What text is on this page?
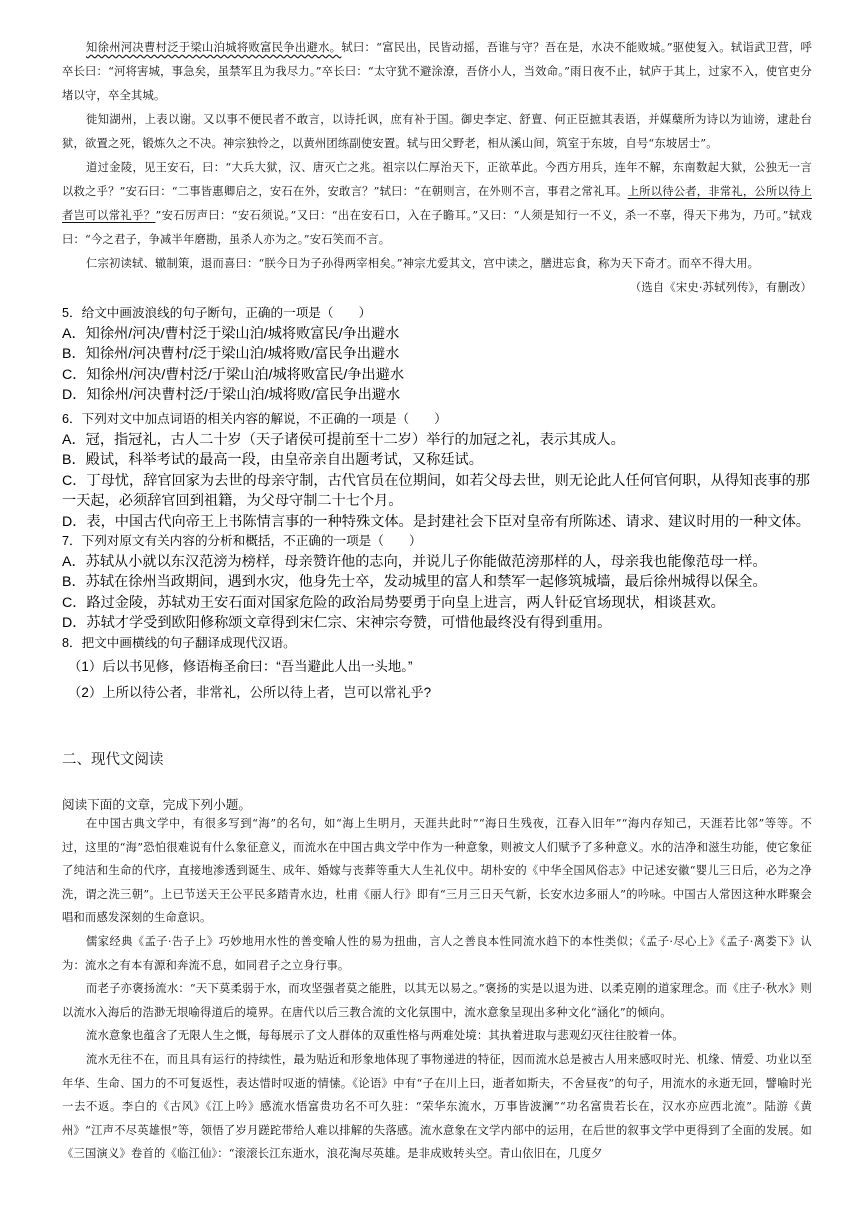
知徐州河决曹村泛于梁山泊城将败富民争出避水。轼曰：“富民出，民皆动摇，吾谁与守？吾在是，水决不能败城。”驱使复入。轼诣武卫营，呼卒长曰：“河将害城，事急矣，虽禁军且为我尽力。”卒长曰：“太守犹不避涂潦，吾侪小人，当效命。”雨日夜不止，轼庐于其上，过家不入，使官吏分堵以守，卒全其城。

徙知湖州，上表以谢。又以事不便民者不敢言，以诗托讽，庶有补于国。御史李定、舒亶、何正臣摭其表语，并媒蘖所为诗以为讪谤，逮赴台狱，欲置之死，锻炼久之不决。神宗独怜之，以黄州团练副使安置。轼与田父野老，相从溪山间，筑室于东坡，自号“东坡居士”。

道过金陵，见王安石，曰：“大兵大狱，汉、唐灭亡之兆。祖宗以仁厚治天下，正欲革此。今西方用兵，连年不解，东南数起大狱，公独无一言以救之乎？”安石曰：“二事皆惠卿启之，安石在外，安敢言？”轼曰：“在朝则言，在外则不言，事君之常礼耳。上所以待公者，非常礼，公所以待上者岂可以常礼乎？”安石厉声曰：“安石须说。”又曰：“出在安石口，入在子瞻耳。”又曰：“人须是知行一不义，杀一不辜，得天下弗为，乃可。”轼戏曰：“今之君子，争减半年磨勘，虽杀人亦为之。”安石笑而不言。

仁宗初读轼、辙制策，退而喜曰：“朕今日为子孙得两宰相矣。”神宗尤爱其文，宫中读之，膳进忘食，称为天下奇才。而卒不得大用。

（选自《宋史·苏轼列传》，有删改）

5．给文中画波浪线的句子断句，正确的一项是（　　）

A．知徐州/河决/曹村泛于梁山泊/城将败富民/争出避水

B．知徐州/河决曹村/泛于梁山泊/城将败/富民争出避水

C．知徐州/河决/曹村泛/于梁山泊/城将败富民/争出避水

D．知徐州/河决曹村泛/于梁山泊/城将败/富民争出避水

6．下列对文中加点词语的相关内容的解说，不正确的一项是（　　）

A．冠，指冠礼，古人二十岁（天子诸侯可提前至十二岁）举行的加冠之礼，表示其成人。

B．殿试，科举考试的最高一段，由皇帝亲自出题考试，又称廷试。

C．丁母忧，辞官回家为去世的母亲守制，古代官员在位期间，如若父母去世，则无论此人任何官何职，从得知丧事的那一天起，必须辞官回到祖籍，为父母守制二十七个月。

D．表，中国古代向帝王上书陈情言事的一种特殊文体。是封建社会下臣对皇帝有所陈述、请求、建议时用的一种文体。

7．下列对原文有关内容的分析和概括，不正确的一项是（　　）

A．苏轼从小就以东汉范滂为榜样，母亲赞许他的志向，并说儿子你能做范滂那样的人，母亲我也能像范母一样。

B．苏轼在徐州当政期间，遇到水灾，他身先士卒，发动城里的富人和禁军一起修筑城墙，最后徐州城得以保全。

C．路过金陵，苏轼劝王安石面对国家危险的政治局势要勇于向皇上进言，两人针砭官场现状，相谈甚欢。

D．苏轼才学受到欧阳修称颂文章得到宋仁宗、宋神宗夸赞，可惜他最终没有得到重用。

8．把文中画横线的句子翻译成现代汉语。

（1）后以书见修，修语梅圣俞曰：“吾当避此人出一头地。”

（2）上所以待公者，非常礼，公所以待上者，岂可以常礼乎?

二、现代文阅读
阅读下面的文章，完成下列小题。

在中国古典文学中，有很多写到“海”的名句，如“海上生明月，天涯共此时”“海日生残夜，江春入旧年”“海内存知己，天涯若比邻”等等。不过，这里的“海”恐怕很难说有什么象征意义，而流水在中国古典文学中作为一种意象，则被文人们赋予了多种意义。水的洁净和滋生功能，使它象征了纯洁和生命的代序，直接地渗透到诞生、成年、婚嫁与丧葬等重大人生礼仪中。胡朴安的《中华全国风俗志》中记述安徽“婴儿三日后，必为之净洗，谓之洗三朝”。上已节送天王公平民多踏青水边，杜甫《丽人行》即有“三月三日天气新，长安水边多丽人”的吟咏。中国古人常因这种水畔聚会唱和而感发深刻的生命意识。

儒家经典《孟子·告子上》巧妙地用水性的善变喻人性的易为扭曲，言人之善良本性同流水趋下的本性类似；《孟子·尽心上》《孟子·离娄下》认为：流水之有本有源和奔流不息，如同君子之立身行事。

而老子亦褒扬流水：“天下莫柔弱于水，而攻坚强者莫之能胜，以其无以易之。”褒扬的实是以退为进、以柔克刚的道家理念。而《庄子·秋水》则以流水入海后的浩渺无垠喻得道后的境界。在唐代以后三教合流的文化氛围中，流水意象呈现出多种文化“涵化”的倾向。

流水意象也蕴含了无限人生之慨，每每展示了文人群体的双重性格与两难处境：其执着进取与悲观幻灭往往胶着一体。

流水无往不在，而且具有运行的持续性，最为贴近和形象地体现了事物递进的特征，因而流水总是被古人用来感叹时光、机缘、情爱、功业以至年华、生命、国力的不可复返性，表达惜时叹逝的情愫。《论语》中有“子在川上曰，逝者如斯夫，不舍昼夜”的句子，用流水的永逝无回，譬喻时光一去不返。李白的《古风》《江上吟》感流水悟富贵功名不可久驻：“荣华东流水，万事皆波澜”“功名富贵若长在，汉水亦应西北流”。陆游《黄州》“江声不尽英雄恨”等，领悟了岁月蹉跎带给人难以排解的失落感。流水意象在文学内部中的运用，在后世的叙事文学中更得到了全面的发展。如《三国演义》卷首的《临江仙》：“滚滚长江东逝水，浪花淘尽英雄。是非成败转头空。青山依旧在，几度夕
